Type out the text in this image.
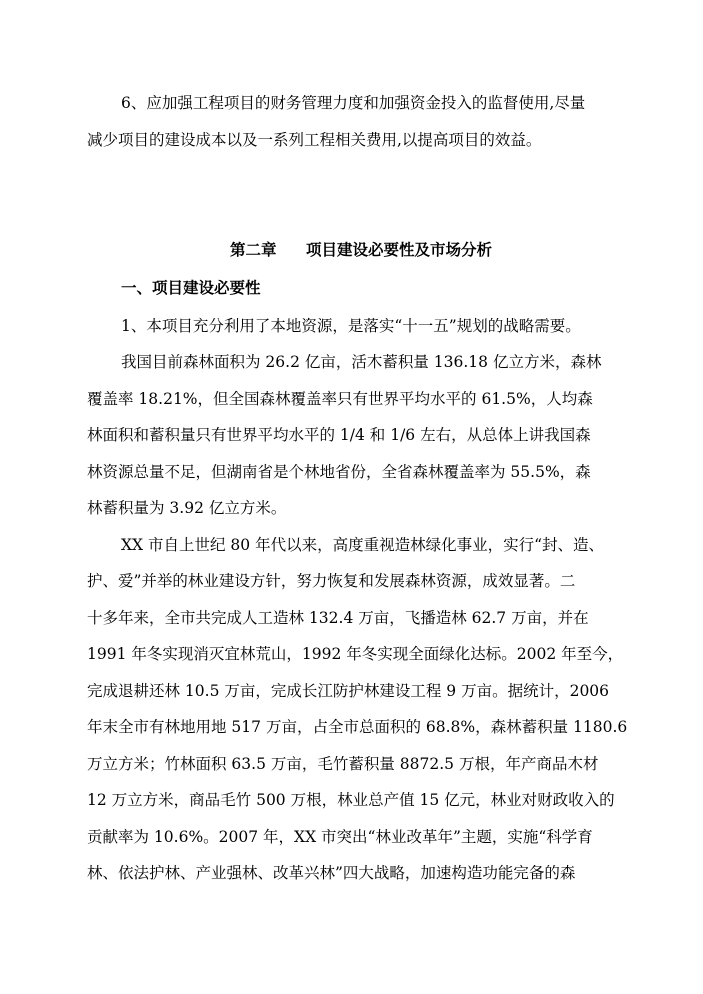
6、应加强工程项目的财务管理力度和加强资金投入的监督使用,尽量
减少项目的建设成本以及一系列工程相关费用,以提高项目的效益。
第二章 项目建设必要性及市场分析
一、项目建设必要性
1、本项目充分利用了本地资源，是落实“十一五”规划的战略需要。
我国目前森林面积为 26.2 亿亩，活木蓄积量 136.18 亿立方米，森林
覆盖率 18.21%，但全国森林覆盖率只有世界平均水平的 61.5%，人均森
林面积和蓄积量只有世界平均水平的 1/4 和 1/6 左右，从总体上讲我国森
林资源总量不足，但湖南省是个林地省份，全省森林覆盖率为 55.5%，森
林蓄积量为 3.92 亿立方米。
XX 市自上世纪 80 年代以来，高度重视造林绿化事业，实行“封、造、
护、爱”并举的林业建设方针，努力恢复和发展森林资源，成效显著。二
十多年来，全市共完成人工造林 132.4 万亩，飞播造林 62.7 万亩，并在
1991 年冬实现消灭宜林荒山，1992 年冬实现全面绿化达标。2002 年至今，
完成退耕还林 10.5 万亩，完成长江防护林建设工程 9 万亩。据统计，2006
年末全市有林地用地 517 万亩，占全市总面积的 68.8%，森林蓄积量 1180.6
万立方米；竹林面积 63.5 万亩，毛竹蓄积量 8872.5 万根，年产商品木材
12 万立方米，商品毛竹 500 万根，林业总产值 15 亿元，林业对财政收入的
贡献率为 10.6%。2007 年，XX 市突出“林业改革年”主题，实施“科学育
林、依法护林、产业强林、改革兴林”四大战略，加速构造功能完备的森
